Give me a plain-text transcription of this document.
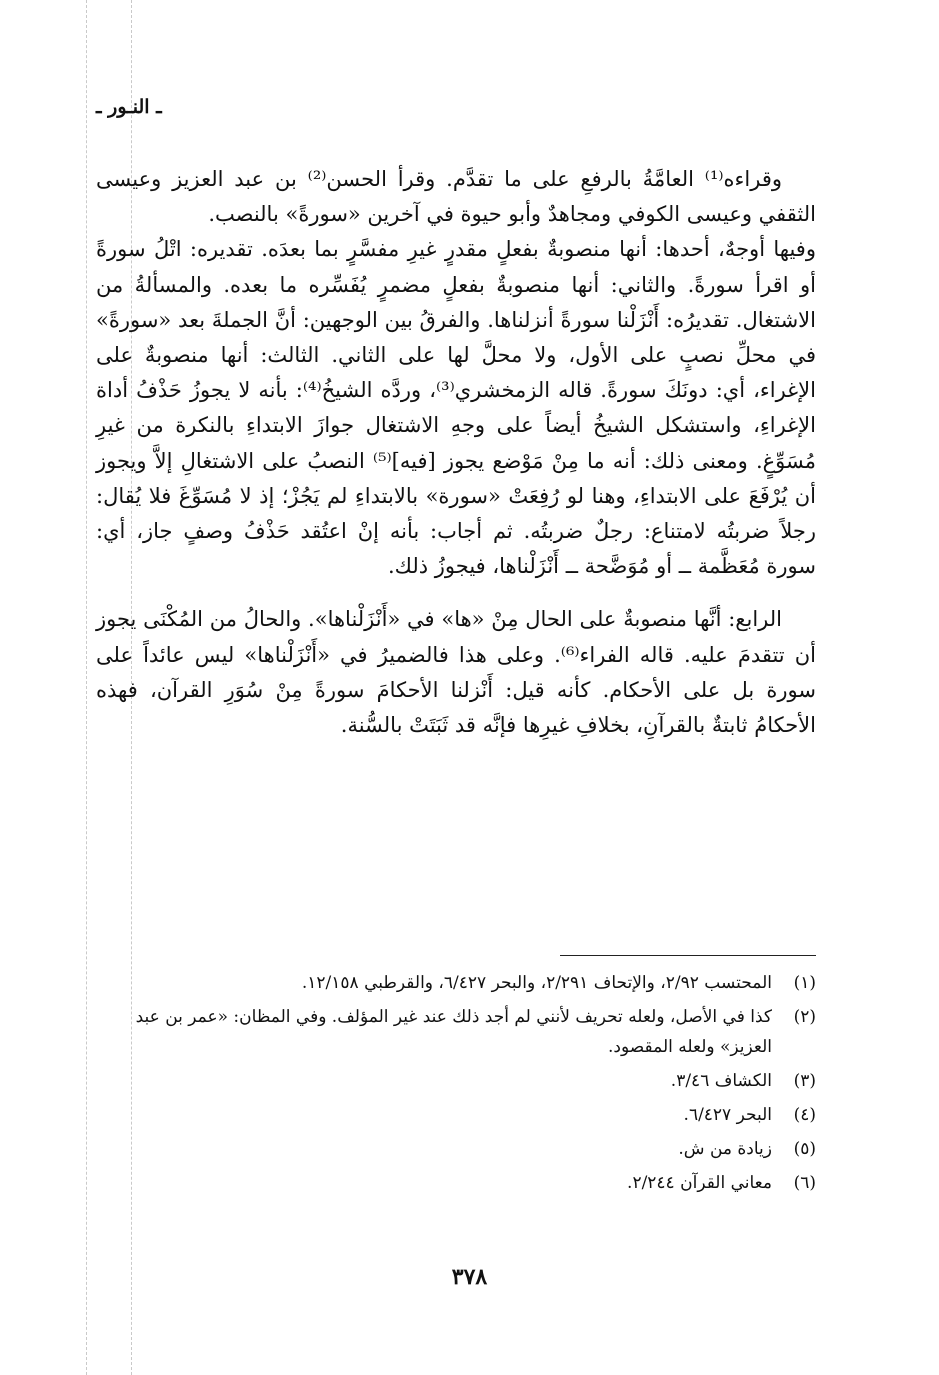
ـ النـور ـ

وقراءه⁽¹⁾ العامَّةُ بالرفعِ على ما تقدَّم. وقرأ الحسن⁽²⁾ بن عبد العزيز وعيسى الثقفي وعيسى الكوفي ومجاهدٌ وأبو حيوة في آخرين «سورةً» بالنصب.

وفيها أوجهٌ، أحدها: أنها منصوبةٌ بفعلٍ مقدرٍ غيرِ مفسَّرٍ بما بعدَه. تقديره: اتْلُ سورةً أو اقرأ سورةً. والثاني: أنها منصوبةٌ بفعلٍ مضمرٍ يُفَسِّره ما بعده. والمسألةُ من الاشتغال. تقديرُه: أَنْزَلْنا سورةً أنزلناها. والفرقُ بين الوجهين: أنَّ الجملةَ بعد «سورةً» في محلِّ نصبٍ على الأول، ولا محلَّ لها على الثاني. الثالث: أنها منصوبةٌ على الإغراء، أي: دونَكَ سورةً. قاله الزمخشري⁽³⁾، وردَّه الشيخُ⁽⁴⁾: بأنه لا يجوزُ حَذْفُ أداة الإغراءِ، واستشكل الشيخُ أيضاً على وجهِ الاشتغال جوازَ الابتداءِ بالنكرة من غيرِ مُسَوِّغٍ. ومعنى ذلك: أنه ما مِنْ مَوْضع يجوز [فيه]⁽⁵⁾ النصبُ على الاشتغالِ إلاَّ ويجوز أن يُرْفَعَ على الابتداءِ، وهنا لو رُفِعَتْ «سورة» بالابتداءِ لم يَجُزْ؛ إذ لا مُسَوِّغَ فلا يُقال: رجلاً ضربتُه لامتناع: رجلٌ ضربتُه. ثم أجاب: بأنه إنْ اعتُقد حَذْفُ وصفٍ جاز، أي: سورة مُعَظَّمة ــ أو مُوَضَّحة ــ أَنْزَلْناها، فيجوزُ ذلك.

الرابع: أنَّها منصوبةٌ على الحال مِنْ «ها» في «أَنْزَلْناها». والحالُ من المُكْنَى يجوز أن تتقدمَ عليه. قاله الفراء⁽⁶⁾. وعلى هذا فالضميرُ في «أَنْزَلْناها» ليس عائداً على سورة بل على الأحكام. كأنه قيل: أَنْزلنا الأحكامَ سورةً مِنْ سُوَرِ القرآن، فهذه الأحكامُ ثابتةٌ بالقرآنِ، بخلافِ غيرِها فإنَّه قد ثَبَتَتْ بالسُّنة.

(١)
المحتسب ٢/٩٢، والإتحاف ٢/٢٩١، والبحر ٦/٤٢٧، والقرطبي ١٢/١٥٨.
(٢)
كذا في الأصل، ولعله تحريف لأنني لم أجد ذلك عند غير المؤلف. وفي المظان: «عمر بن عبد العزيز» ولعله المقصود.
(٣)
الكشاف ٣/٤٦.
(٤)
البحر ٦/٤٢٧.
(٥)
زيادة من ش.
(٦)
معاني القرآن ٢/٢٤٤.
٣٧٨
